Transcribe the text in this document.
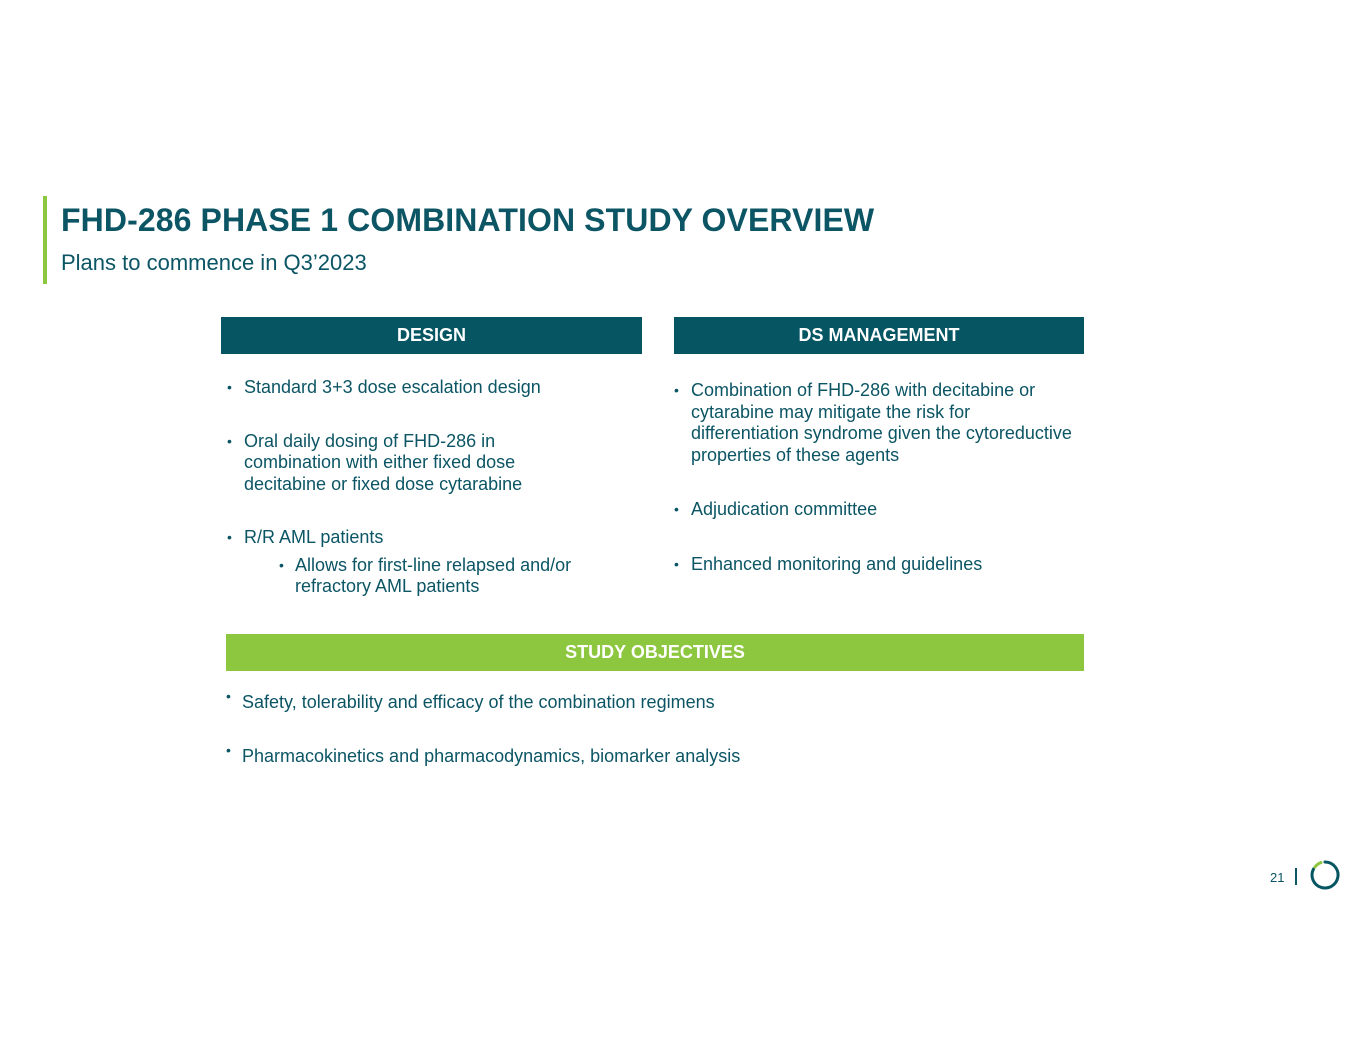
FHD-286 PHASE 1 COMBINATION STUDY OVERVIEW
Plans to commence in Q3’2023
DESIGN
• Standard 3+3 dose escalation design
• Oral daily dosing of FHD-286 in combination with either fixed dose decitabine or fixed dose cytarabine
• R/R AML patients
• Allows for first-line relapsed and/or refractory AML patients
DS MANAGEMENT
• Combination of FHD-286 with decitabine or cytarabine may mitigate the risk for differentiation syndrome given the cytoreductive properties of these agents
• Adjudication committee
• Enhanced monitoring and guidelines
STUDY OBJECTIVES
• Safety, tolerability and efficacy of the combination regimens
• Pharmacokinetics and pharmacodynamics, biomarker analysis
21
